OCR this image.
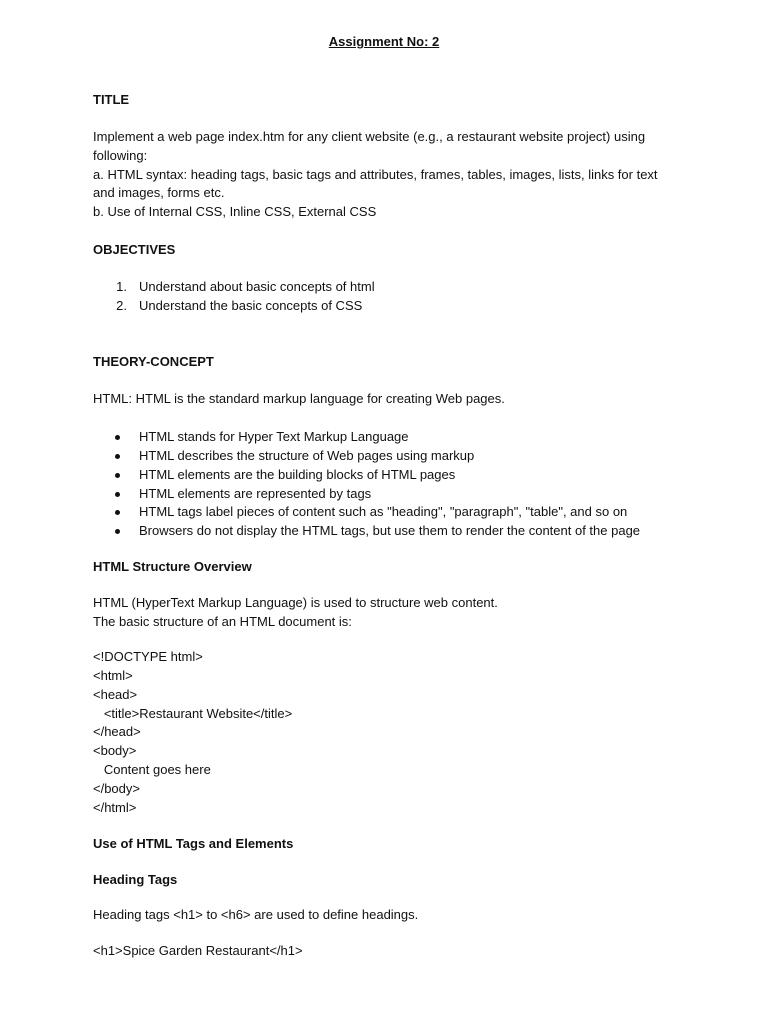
Assignment No: 2
TITLE
Implement a web page index.htm for any client website (e.g., a restaurant website project) using
following:
a. HTML syntax: heading tags, basic tags and attributes, frames, tables, images, lists, links for text
and images, forms etc.
b. Use of Internal CSS, Inline CSS, External CSS
OBJECTIVES
1. Understand about basic concepts of html
2. Understand the basic concepts of CSS
THEORY-CONCEPT
HTML: HTML is the standard markup language for creating Web pages.
HTML stands for Hyper Text Markup Language
HTML describes the structure of Web pages using markup
HTML elements are the building blocks of HTML pages
HTML elements are represented by tags
HTML tags label pieces of content such as "heading", "paragraph", "table", and so on
Browsers do not display the HTML tags, but use them to render the content of the page
HTML Structure Overview
HTML (HyperText Markup Language) is used to structure web content.
The basic structure of an HTML document is:
<!DOCTYPE html>
<html>
<head>
<title>Restaurant Website</title>
</head>
<body>
Content goes here
</body>
</html>
Use of HTML Tags and Elements
Heading Tags
Heading tags <h1> to <h6> are used to define headings.
<h1>Spice Garden Restaurant</h1>
